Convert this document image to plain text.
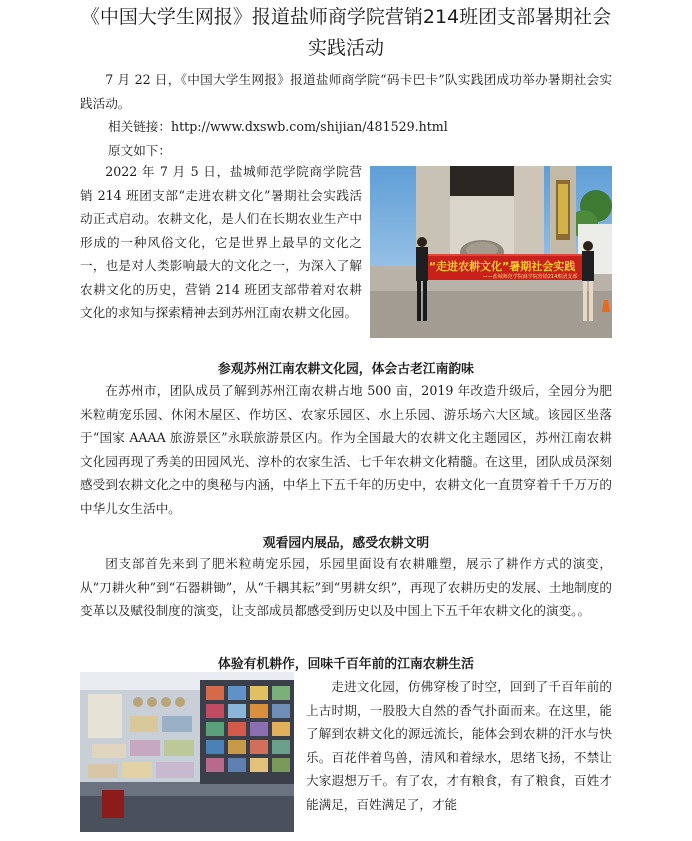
《中国大学生网报》报道盐师商学院营销214班团支部暑期社会
实践活动

7 月 22 日，《中国大学生网报》报道盐师商学院“码卡巴卡”队实践团成功举办暑期社会实践活动。

相关链接：http://www.dxswb.com/shijian/481529.html
原文如下：

2022 年 7 月 5 日，盐城师范学院商学院营销 214 班团支部“走进农耕文化”暑期社会实践活动正式启动。农耕文化，是人们在长期农业生产中形成的一种风俗文化，它是世界上最早的文化之一，也是对人类影响最大的文化之一，为深入了解农耕文化的历史，营销 214 班团支部带着对农耕文化的求知与探索精神去到苏州江南农耕文化园。

“走进农耕文化”暑期社会实践
——盐城师范学院商学院营销214班团支部
参观苏州江南农耕文化园，体会古老江南韵味

在苏州市，团队成员了解到苏州江南农耕占地 500 亩，2019 年改造升级后，全园分为肥米粒萌宠乐园、休闲木屋区、作坊区、农家乐园区、水上乐园、游乐场六大区域。该园区坐落于“国家 AAAA 旅游景区”永联旅游景区内。作为全国最大的农耕文化主题园区，苏州江南农耕文化园再现了秀美的田园风光、淳朴的农家生活、七千年农耕文化精髓。在这里，团队成员深刻感受到农耕文化之中的奥秘与内涵，中华上下五千年的历史中，农耕文化一直贯穿着千千万万的中华儿女生活中。

观看园内展品，感受农耕文明

团支部首先来到了肥米粒萌宠乐园，乐园里面设有农耕雕塑，展示了耕作方式的演变，从“刀耕火种”到“石器耕锄”，从“千耦其耘”到“男耕女织”，再现了农耕历史的发展、土地制度的变革以及赋役制度的演变，让支部成员都感受到历史以及中国上下五千年农耕文化的演变。。

体验有机耕作，回味千百年前的江南农耕生活

走进文化园，仿佛穿梭了时空，回到了千百年前的上古时期，一股股大自然的香气扑面而来。在这里，能了解到农耕文化的源远流长，能体会到农耕的汗水与快乐。百花伴着鸟兽，清风和着绿水，思绪飞扬，不禁让大家遐想万千。有了农，才有粮食，有了粮食，百姓才能满足，百姓满足了，才能
